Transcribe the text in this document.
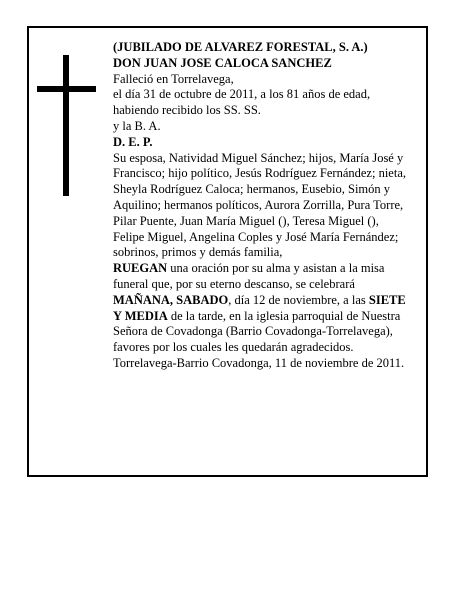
(JUBILADO DE ALVAREZ FORESTAL, S. A.)

DON JUAN JOSE CALOCA SANCHEZ

Falleció en Torrelavega,

el día 31 de octubre de 2011, a los 81 años de edad,

habiendo recibido los SS. SS.

y la B. A.

D. E. P.

Su esposa, Natividad Miguel Sánchez; hijos, María José y Francisco; hijo político, Jesús Rodríguez Fernández; nieta, Sheyla Rodríguez Caloca; hermanos, Eusebio, Simón y Aquilino; hermanos políticos, Aurora Zorrilla, Pura Torre, Pilar Puente, Juan María Miguel (), Teresa Miguel (), Felipe Miguel, Angelina Coples y José María Fernández; sobrinos, primos y demás familia,

RUEGAN una oración por su alma y asistan a la misa funeral que, por su eterno descanso, se celebrará MAÑANA, SABADO, día 12 de noviembre, a las SIETE Y MEDIA de la tarde, en la iglesia parroquial de Nuestra Señora de Covadonga (Barrio Covadonga-Torrelavega), favores por los cuales les quedarán agradecidos.

Torrelavega-Barrio Covadonga, 11 de noviembre de 2011.
